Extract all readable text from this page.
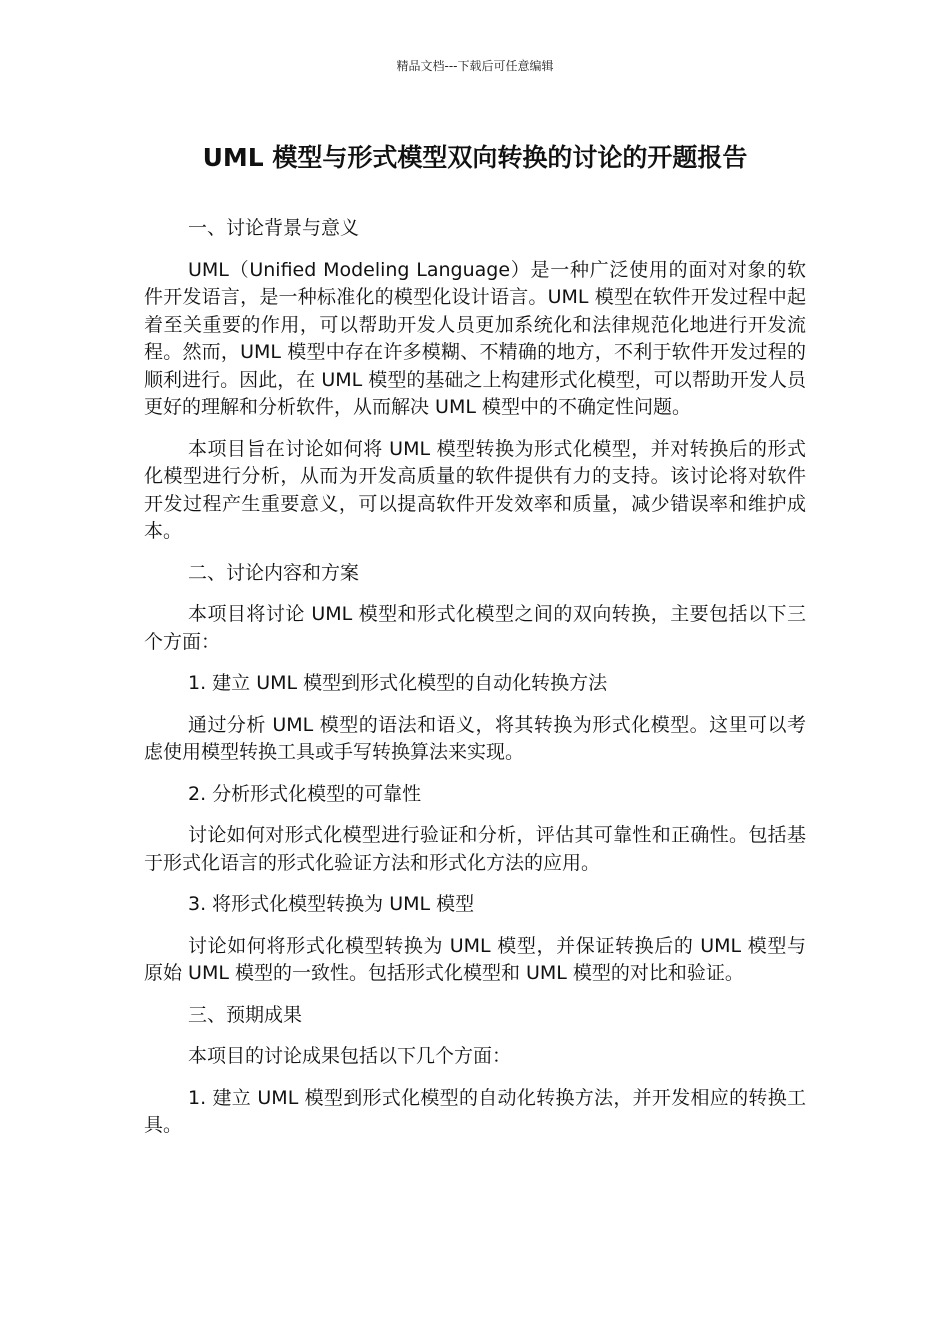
精品文档---下载后可任意编辑
UML 模型与形式模型双向转换的讨论的开题报告

一、讨论背景与意义

UML（Unified Modeling Language）是一种广泛使用的面对对象的软件开发语言，是一种标准化的模型化设计语言。UML 模型在软件开发过程中起着至关重要的作用，可以帮助开发人员更加系统化和法律规范化地进行开发流程。然而，UML 模型中存在许多模糊、不精确的地方，不利于软件开发过程的顺利进行。因此，在 UML 模型的基础之上构建形式化模型，可以帮助开发人员更好的理解和分析软件，从而解决 UML 模型中的不确定性问题。

本项目旨在讨论如何将 UML 模型转换为形式化模型，并对转换后的形式化模型进行分析，从而为开发高质量的软件提供有力的支持。该讨论将对软件开发过程产生重要意义，可以提高软件开发效率和质量，减少错误率和维护成本。

二、讨论内容和方案

本项目将讨论 UML 模型和形式化模型之间的双向转换，主要包括以下三个方面：

1. 建立 UML 模型到形式化模型的自动化转换方法

通过分析 UML 模型的语法和语义，将其转换为形式化模型。这里可以考虑使用模型转换工具或手写转换算法来实现。

2. 分析形式化模型的可靠性

讨论如何对形式化模型进行验证和分析，评估其可靠性和正确性。包括基于形式化语言的形式化验证方法和形式化方法的应用。

3. 将形式化模型转换为 UML 模型

讨论如何将形式化模型转换为 UML 模型，并保证转换后的 UML 模型与原始 UML 模型的一致性。包括形式化模型和 UML 模型的对比和验证。

三、预期成果

本项目的讨论成果包括以下几个方面：

1. 建立 UML 模型到形式化模型的自动化转换方法，并开发相应的转换工具。
